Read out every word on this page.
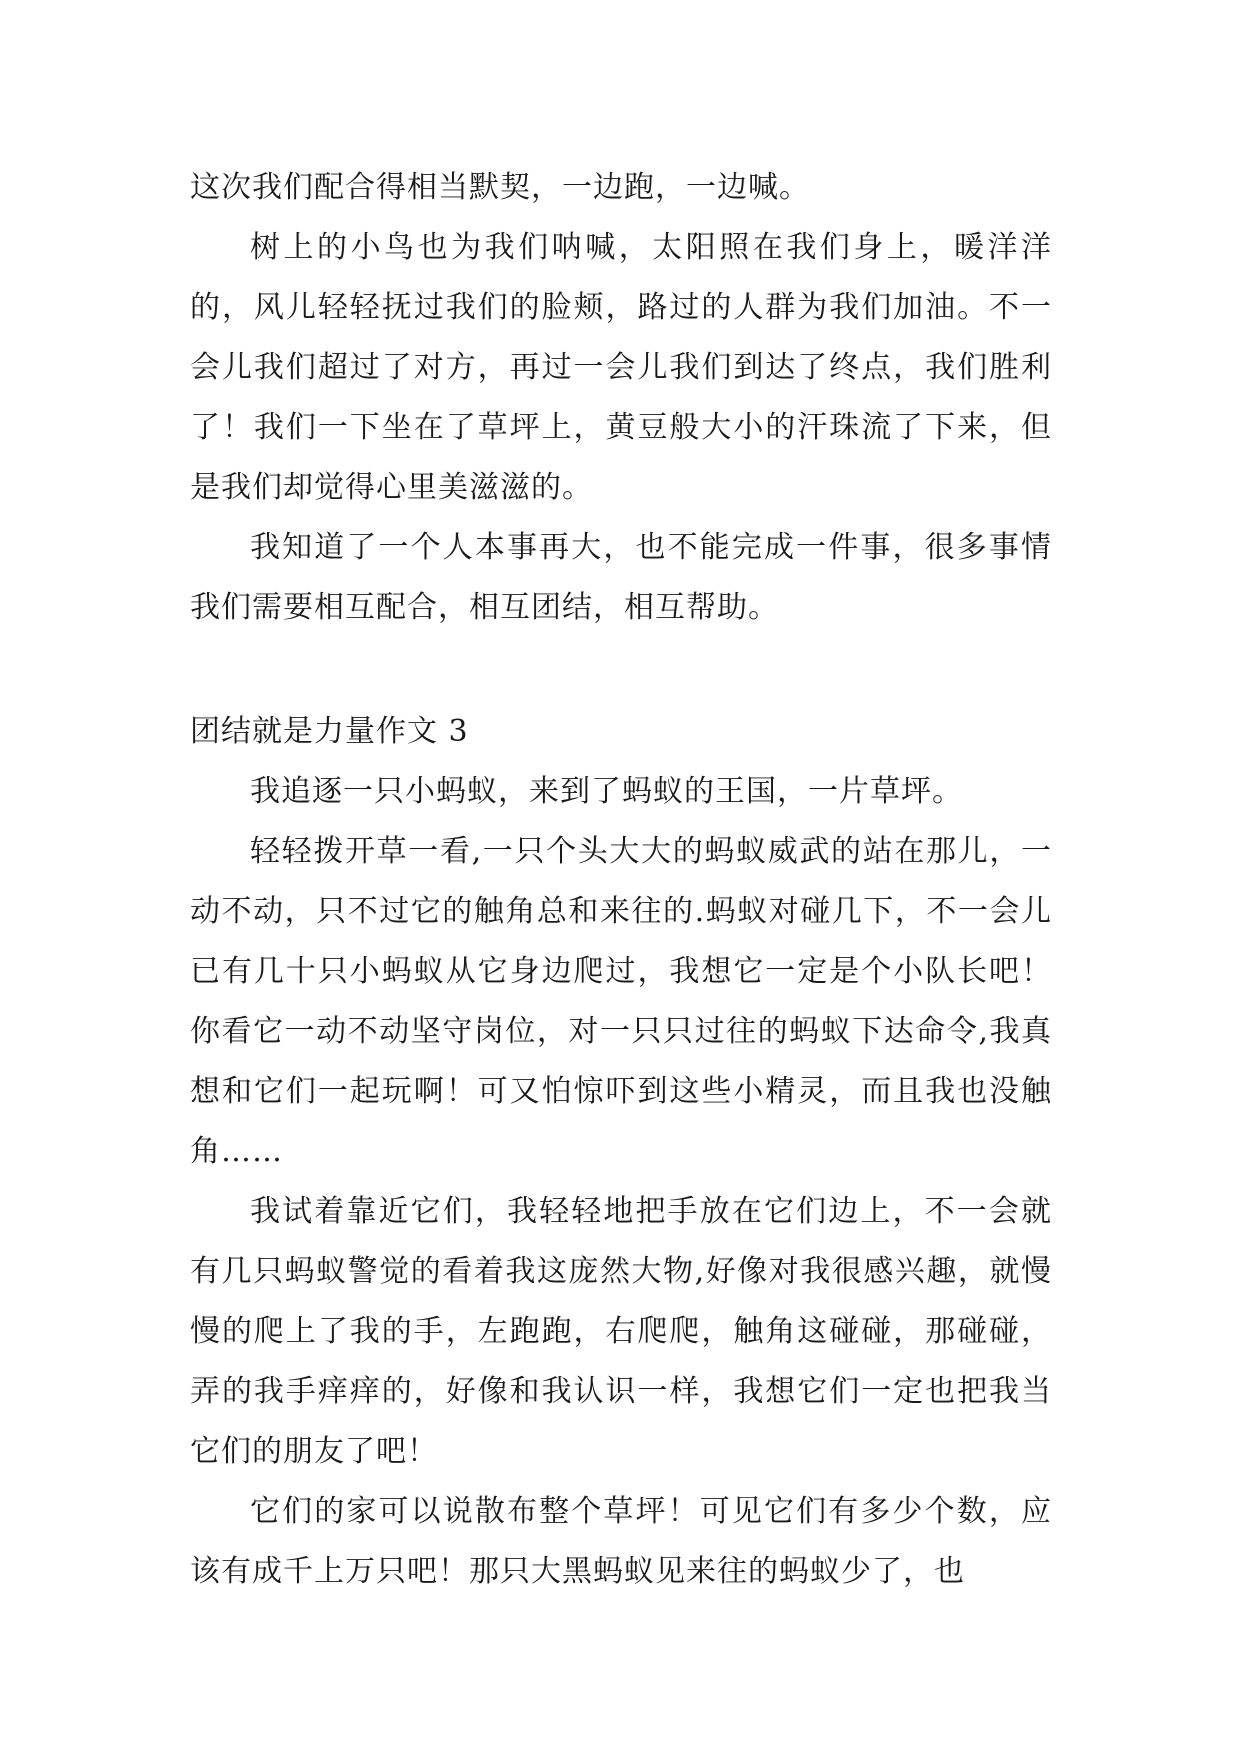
这次我们配合得相当默契，一边跑，一边喊。

树上的小鸟也为我们呐喊，太阳照在我们身上，暖洋洋的，风儿轻轻抚过我们的脸颊，路过的人群为我们加油。不一会儿我们超过了对方，再过一会儿我们到达了终点，我们胜利了！我们一下坐在了草坪上，黄豆般大小的汗珠流了下来，但是我们却觉得心里美滋滋的。

我知道了一个人本事再大，也不能完成一件事，很多事情我们需要相互配合，相互团结，相互帮助。

团结就是力量作文 3

我追逐一只小蚂蚁，来到了蚂蚁的王国，一片草坪。

轻轻拨开草一看,一只个头大大的蚂蚁威武的站在那儿，一动不动，只不过它的触角总和来往的.蚂蚁对碰几下，不一会儿已有几十只小蚂蚁从它身边爬过，我想它一定是个小队长吧！你看它一动不动坚守岗位，对一只只过往的蚂蚁下达命令,我真想和它们一起玩啊！可又怕惊吓到这些小精灵，而且我也没触角……

我试着靠近它们，我轻轻地把手放在它们边上，不一会就有几只蚂蚁警觉的看着我这庞然大物,好像对我很感兴趣，就慢慢的爬上了我的手，左跑跑，右爬爬，触角这碰碰，那碰碰，弄的我手痒痒的，好像和我认识一样，我想它们一定也把我当它们的朋友了吧！

它们的家可以说散布整个草坪！可见它们有多少个数，应该有成千上万只吧！那只大黑蚂蚁见来往的蚂蚁少了，也
